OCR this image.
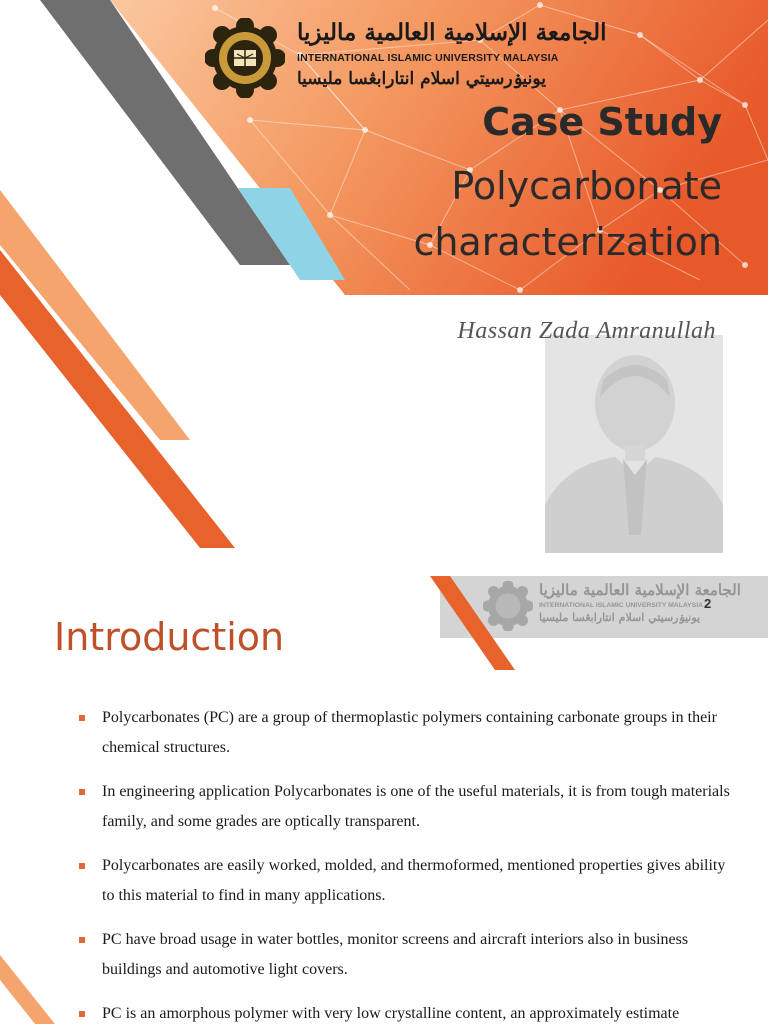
الجامعة الإسلامية العالمية ماليزيا
INTERNATIONAL ISLAMIC UNIVERSITY MALAYSIA
يونيۏرسيتي اسلام انتارابڠسا مليسيا
Case Study
Polycarbonate
characterization
Hassan Zada Amranullah
الجامعة الإسلامية العالمية ماليزيا
INTERNATIONAL ISLAMIC UNIVERSITY MALAYSIA
يونيۏرسيتي اسلام انتارابڠسا مليسيا
2
Introduction
Polycarbonates (PC) are a group of thermoplastic polymers containing carbonate groups in their chemical structures.
In engineering application Polycarbonates is one of the useful materials, it is from tough materials family, and some grades are optically transparent.
Polycarbonates are easily worked, molded, and thermoformed, mentioned properties gives ability to this material to find in many applications.
PC have broad usage in water bottles, monitor screens and aircraft interiors also in business buildings and automotive light covers.
PC is an amorphous polymer with very low crystalline content, an approximately estimate
